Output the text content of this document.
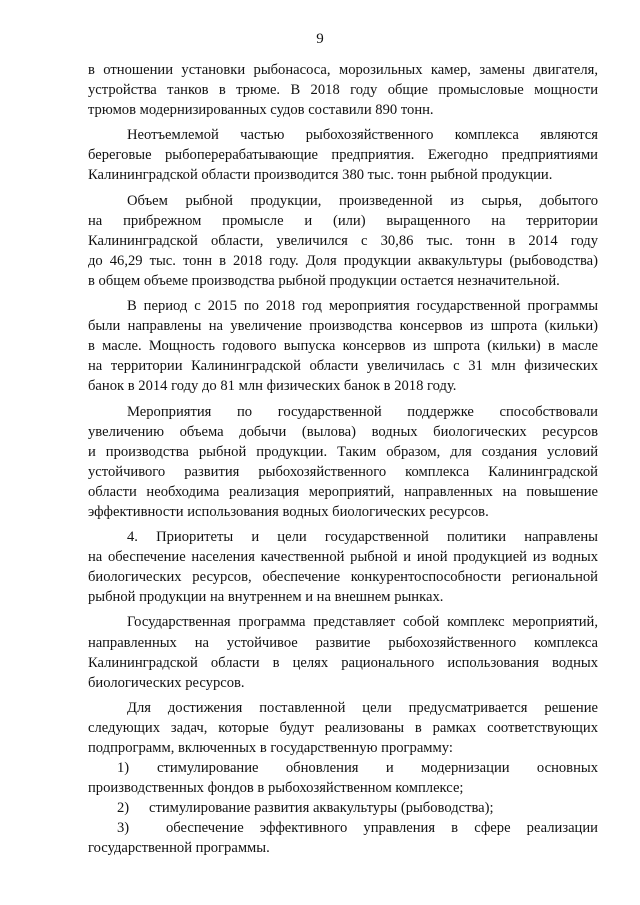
9
в отношении установки рыбонасоса, морозильных камер, замены двигателя,
устройства танков в трюме. В 2018 году общие промысловые мощности
трюмов модернизированных судов составили 890 тонн.
Неотъемлемой частью рыбохозяйственного комплекса являются
береговые рыбоперерабатывающие предприятия. Ежегодно предприятиями
Калининградской области производится 380 тыс. тонн рыбной продукции.
Объем рыбной продукции, произведенной из сырья, добытого
на прибрежном промысле и (или) выращенного на территории
Калининградской области, увеличился с 30,86 тыс. тонн в 2014 году
до 46,29 тыс. тонн в 2018 году. Доля продукции аквакультуры (рыбоводства)
в общем объеме производства рыбной продукции остается незначительной.
В период с 2015 по 2018 год мероприятия государственной программы
были направлены на увеличение производства консервов из шпрота (кильки)
в масле. Мощность годового выпуска консервов из шпрота (кильки) в масле
на территории Калининградской области увеличилась с 31 млн физических
банок в 2014 году до 81 млн физических банок в 2018 году.
Мероприятия по государственной поддержке способствовали
увеличению объема добычи (вылова) водных биологических ресурсов
и производства рыбной продукции. Таким образом, для создания условий
устойчивого развития рыбохозяйственного комплекса Калининградской
области необходима реализация мероприятий, направленных на повышение
эффективности использования водных биологических ресурсов.
4. Приоритеты и цели государственной политики направлены
на обеспечение населения качественной рыбной и иной продукцией из водных
биологических ресурсов, обеспечение конкурентоспособности региональной
рыбной продукции на внутреннем и на внешнем рынках.
Государственная программа представляет собой комплекс мероприятий,
направленных на устойчивое развитие рыбохозяйственного комплекса
Калининградской области в целях рационального использования водных
биологических ресурсов.
Для достижения поставленной цели предусматривается решение
следующих задач, которые будут реализованы в рамках соответствующих
подпрограмм, включенных в государственную программу:
1) стимулирование обновления и модернизации основных
производственных фондов в рыбохозяйственном комплексе;
2) стимулирование развития аквакультуры (рыбоводства);
3)	обеспечение эффективного управления в сфере реализации
государственной программы.
